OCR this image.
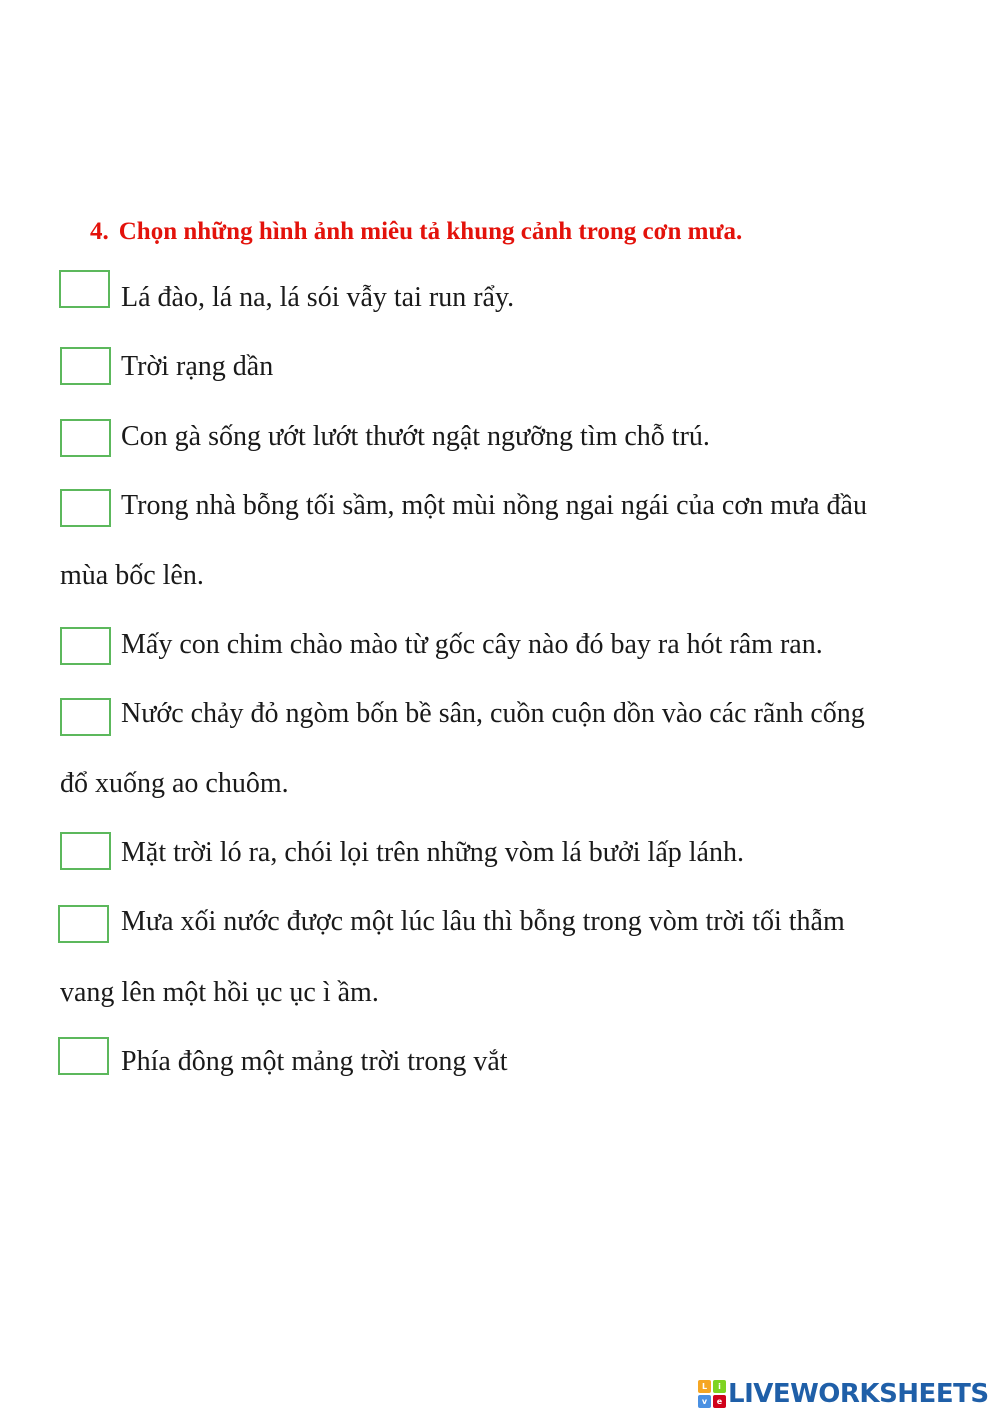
4. Chọn những hình ảnh miêu tả khung cảnh trong cơn mưa.
Lá đào, lá na, lá sói vẫy tai run rẩy.
Trời rạng dần
Con gà sống ướt lướt thướt ngật ngưỡng tìm chỗ trú.
Trong nhà bỗng tối sầm, một mùi nồng ngai ngái của cơn mưa đầu
mùa bốc lên.
Mấy con chim chào mào từ gốc cây nào đó bay ra hót râm ran.
Nước chảy đỏ ngòm bốn bề sân, cuồn cuộn dồn vào các rãnh cống
đổ xuống ao chuôm.
Mặt trời ló ra, chói lọi trên những vòm lá bưởi lấp lánh.
Mưa xối nước được một lúc lâu thì bỗng trong vòm trời tối thẫm
vang lên một hồi ục ục ì ầm.
Phía đông một mảng trời trong vắt
L	i
v	e LIVEWORKSHEETS
